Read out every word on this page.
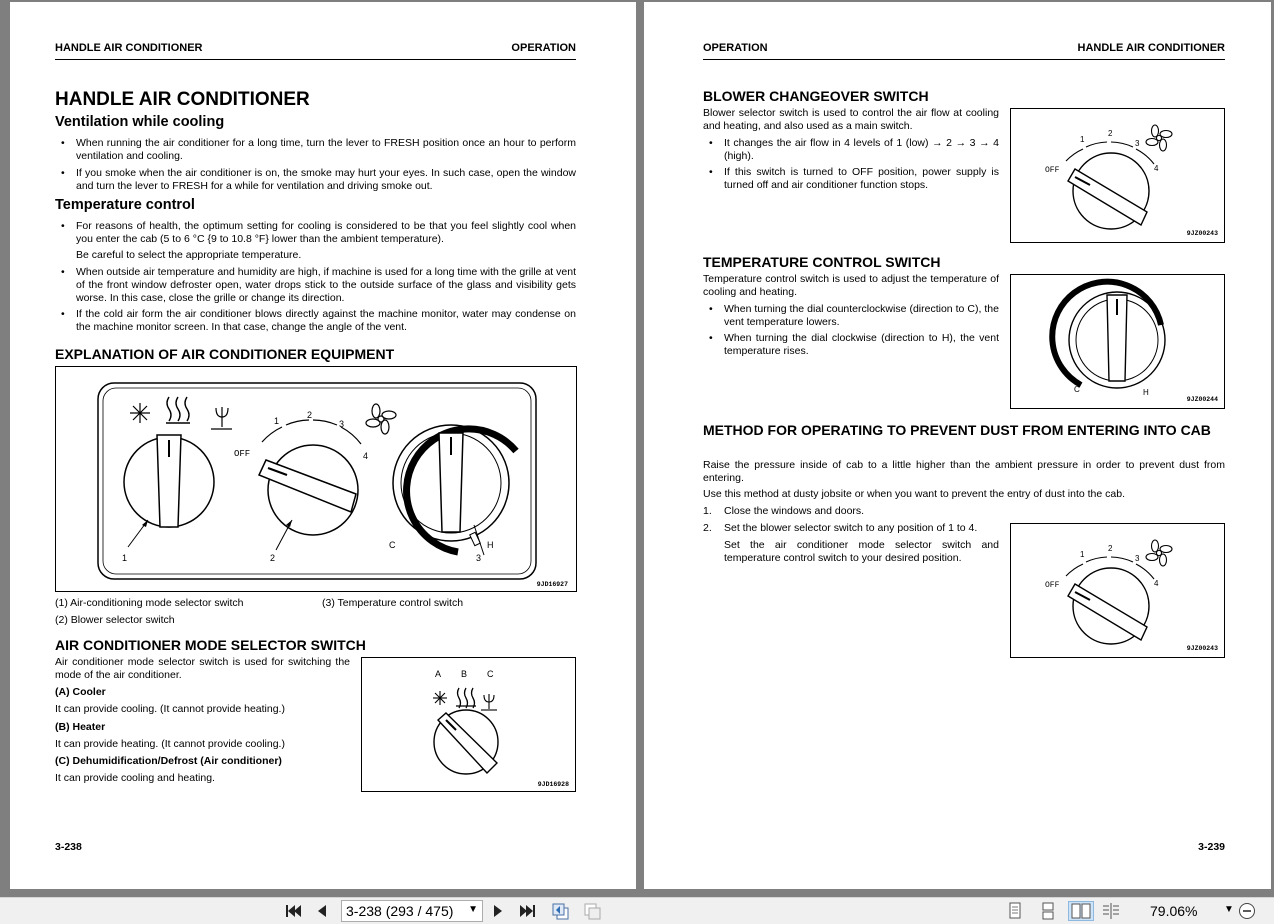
HANDLE AIR CONDITIONER	OPERATION
HANDLE AIR CONDITIONER
Ventilation while cooling
• When running the air conditioner for a long time, turn the lever to FRESH position once an hour to perform ventilation and cooling.
• If you smoke when the air conditioner is on, the smoke may hurt your eyes. In such case, open the window and turn the lever to FRESH for a while for ventilation and driving smoke out.
Temperature control
• For reasons of health, the optimum setting for cooling is considered to be that you feel slightly cool when you enter the cab (5 to 6 °C {9 to 10.8 °F} lower than the ambient temperature).
Be careful to select the appropriate temperature.
• When outside air temperature and humidity are high, if machine is used for a long time with the grille at vent of the front window defroster open, water drops stick to the outside surface of the glass and visibility gets worse. In this case, close the grille or change its direction.
• If the cold air form the air conditioner blows directly against the machine monitor, water may condense on the machine monitor screen. In that case, change the angle of the vent.
EXPLANATION OF AIR CONDITIONER EQUIPMENT
OFF
1
2
3
4
C	H
1	2	3
9JD16927
(1) Air-conditioning mode selector switch	(3) Temperature control switch
(2) Blower selector switch
AIR CONDITIONER MODE SELECTOR SWITCH
Air conditioner mode selector switch is used for switching the mode of the air conditioner.
(A) Cooler
It can provide cooling. (It cannot provide heating.)
(B) Heater
It can provide heating. (It cannot provide cooling.)
(C) Dehumidification/Defrost (Air conditioner)
It can provide cooling and heating.
A B C
9JD16928
3-238
OPERATION	HANDLE AIR CONDITIONER
BLOWER CHANGEOVER SWITCH
Blower selector switch is used to control the air flow at cooling and heating, and also used as a main switch.
• It changes the air flow in 4 levels of 1 (low) → 2 → 3 → 4 (high).
• If this switch is turned to OFF position, power supply is turned off and air conditioner function stops.
OFF
1
2
3
4
9JZ00243
TEMPERATURE CONTROL SWITCH
Temperature control switch is used to adjust the temperature of cooling and heating.
• When turning the dial counterclockwise (direction to C), the vent temperature lowers.
• When turning the dial clockwise (direction to H), the vent temperature rises.
C	H
9JZ00244
METHOD FOR OPERATING TO PREVENT DUST FROM ENTERING INTO CAB
Raise the pressure inside of cab to a little higher than the ambient pressure in order to prevent dust from entering.
Use this method at dusty jobsite or when you want to prevent the entry of dust into the cab.
1. Close the windows and doors.
2. Set the blower selector switch to any position of 1 to 4.
Set the air conditioner mode selector switch and temperature control switch to your desired position.
OFF
1
2
3
4
9JZ00243
3-239
3-238 (293 / 475) ▼	79.06%	▼
